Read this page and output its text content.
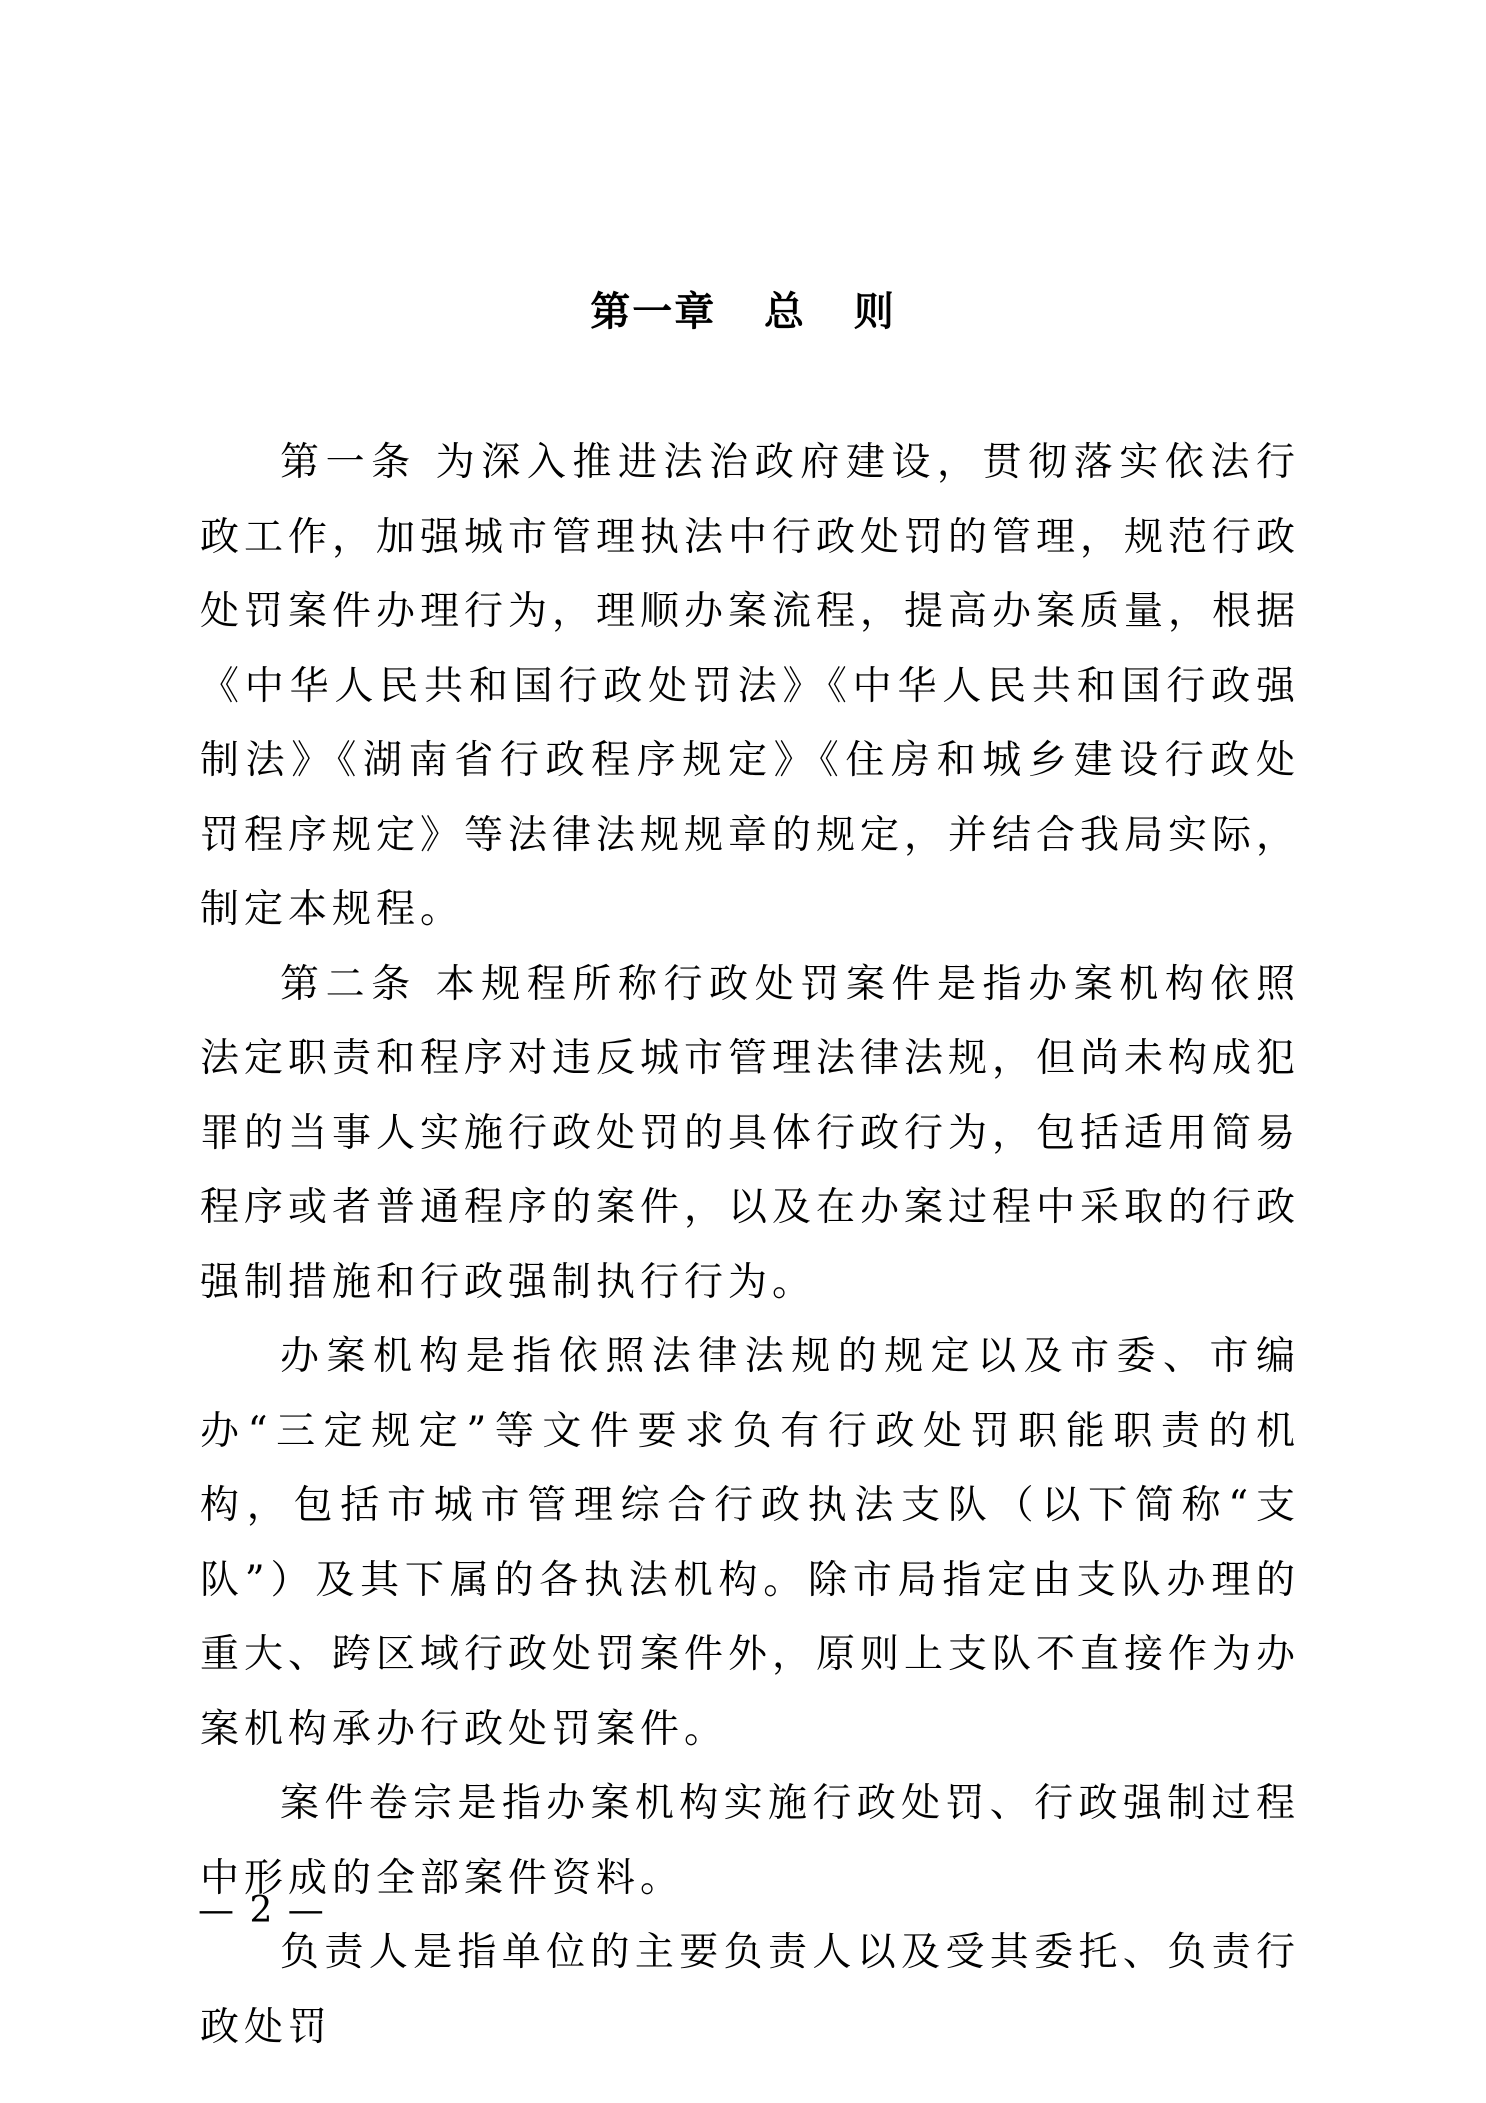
第一章   总   则

第一条 为深入推进法治政府建设，贯彻落实依法行政工作，加强城市管理执法中行政处罚的管理，规范行政处罚案件办理行为，理顺办案流程，提高办案质量，根据《中华人民共和国行政处罚法》《中华人民共和国行政强制法》《湖南省行政程序规定》《住房和城乡建设行政处罚程序规定》等法律法规规章的规定，并结合我局实际，制定本规程。

第二条 本规程所称行政处罚案件是指办案机构依照法定职责和程序对违反城市管理法律法规，但尚未构成犯罪的当事人实施行政处罚的具体行政行为，包括适用简易程序或者普通程序的案件，以及在办案过程中采取的行政强制措施和行政强制执行行为。

办案机构是指依照法律法规的规定以及市委、市编办“三定规定”等文件要求负有行政处罚职能职责的机构，包括市城市管理综合行政执法支队（以下简称“支队”）及其下属的各执法机构。除市局指定由支队办理的重大、跨区域行政处罚案件外，原则上支队不直接作为办案机构承办行政处罚案件。

案件卷宗是指办案机构实施行政处罚、行政强制过程中形成的全部案件资料。

负责人是指单位的主要负责人以及受其委托、负责行政处罚

— 2 —
